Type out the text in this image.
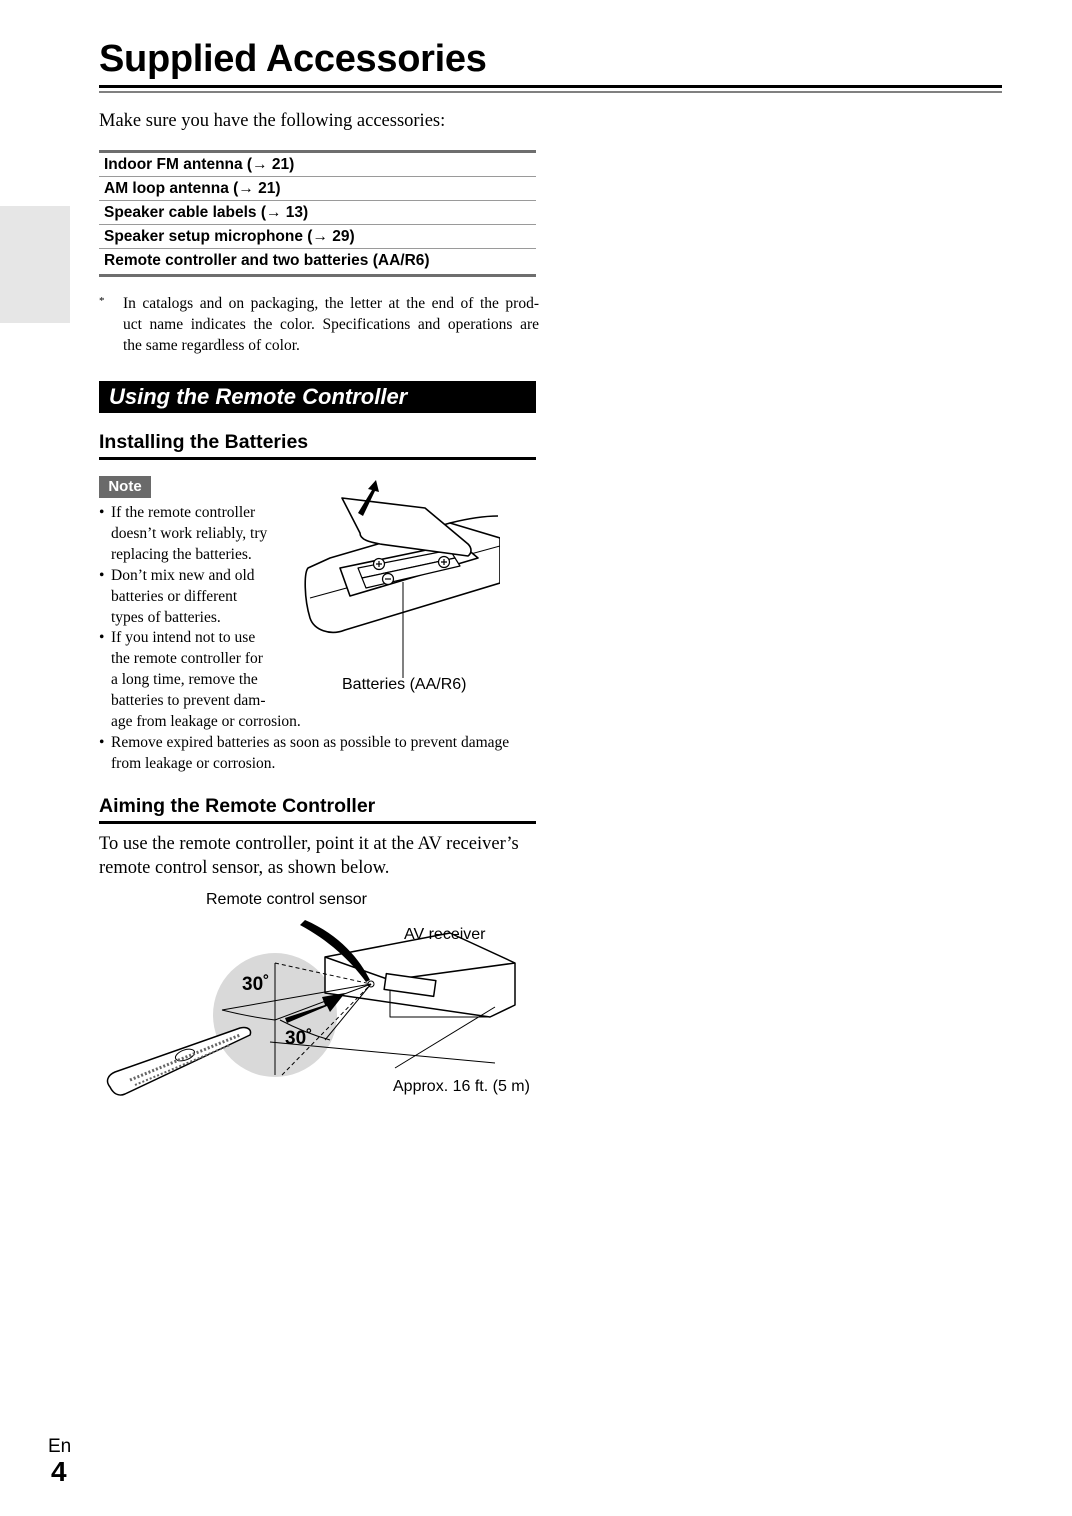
Supplied Accessories
Make sure you have the following accessories:
Indoor FM antenna (→ 21)
AM loop antenna (→ 21)
Speaker cable labels (→ 13)
Speaker setup microphone (→ 29)
Remote controller and two batteries (AA/R6)
* In catalogs and on packaging, the letter at the end of the prod-
uct name indicates the color. Specifications and operations are
the same regardless of color.
Using the Remote Controller
Installing the Batteries
Note
• If the remote controller
doesn’t work reliably, try
replacing the batteries.
• Don’t mix new and old
batteries or different
types of batteries.
• If you intend not to use
the remote controller for
a long time, remove the
batteries to prevent dam-
age from leakage or corrosion.
• Remove expired batteries as soon as possible to prevent damage
from leakage or corrosion.
Batteries (AA/R6)
Aiming the Remote Controller
To use the remote controller, point it at the AV receiver’s
remote control sensor, as shown below.
Remote control sensor
AV receiver
30˚
30˚
Approx. 16 ft. (5 m)
En
4
